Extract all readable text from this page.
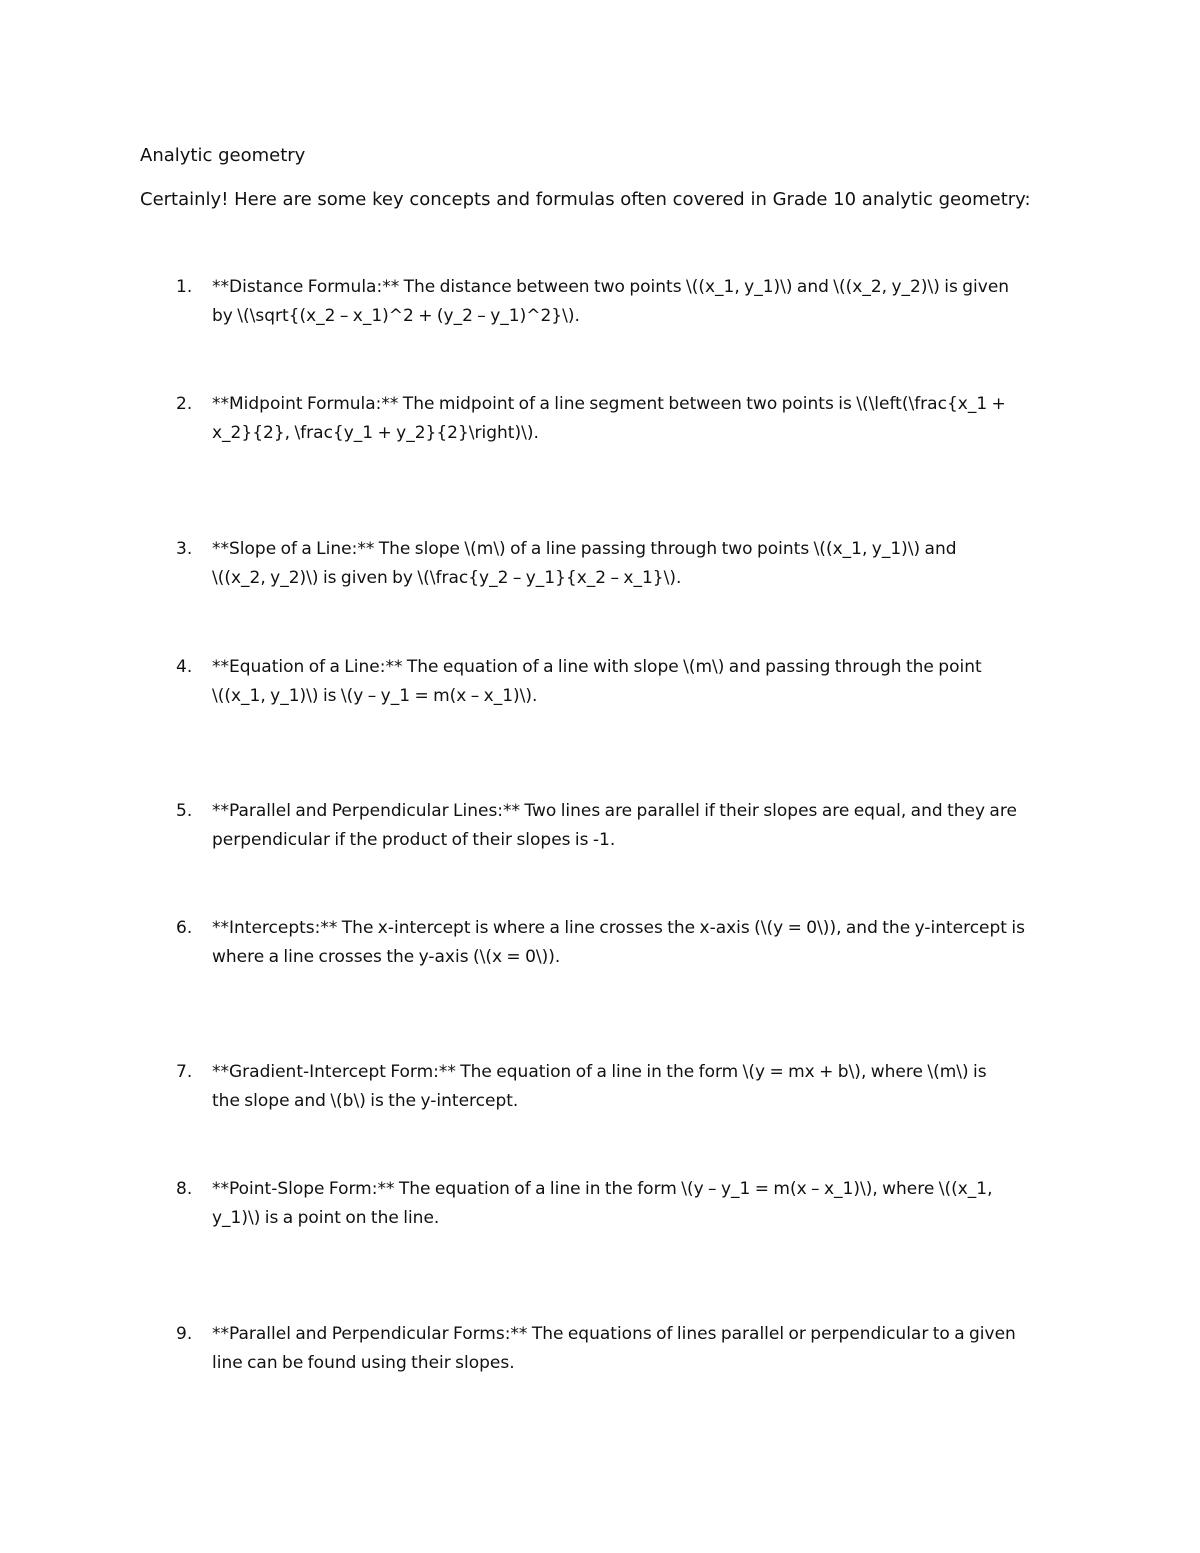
Analytic geometry
Certainly! Here are some key concepts and formulas often covered in Grade 10 analytic geometry:
1.	**Distance Formula:** The distance between two points \((x_1, y_1)\) and \((x_2, y_2)\) is given
by \(\sqrt{(x_2 – x_1)^2 + (y_2 – y_1)^2}\).
2.	**Midpoint Formula:** The midpoint of a line segment between two points is \(\left(\frac{x_1 +
x_2}{2}, \frac{y_1 + y_2}{2}\right)\).
3.	**Slope of a Line:** The slope \(m\) of a line passing through two points \((x_1, y_1)\) and
\((x_2, y_2)\) is given by \(\frac{y_2 – y_1}{x_2 – x_1}\).
4.	**Equation of a Line:** The equation of a line with slope \(m\) and passing through the point
\((x_1, y_1)\) is \(y – y_1 = m(x – x_1)\).
5.	**Parallel and Perpendicular Lines:** Two lines are parallel if their slopes are equal, and they are
perpendicular if the product of their slopes is -1.
6.	**Intercepts:** The x-intercept is where a line crosses the x-axis (\(y = 0\)), and the y-intercept is
where a line crosses the y-axis (\(x = 0\)).
7.	**Gradient-Intercept Form:** The equation of a line in the form \(y = mx + b\), where \(m\) is
the slope and \(b\) is the y-intercept.
8.	**Point-Slope Form:** The equation of a line in the form \(y – y_1 = m(x – x_1)\), where \((x_1,
y_1)\) is a point on the line.
9.	**Parallel and Perpendicular Forms:** The equations of lines parallel or perpendicular to a given
line can be found using their slopes.
